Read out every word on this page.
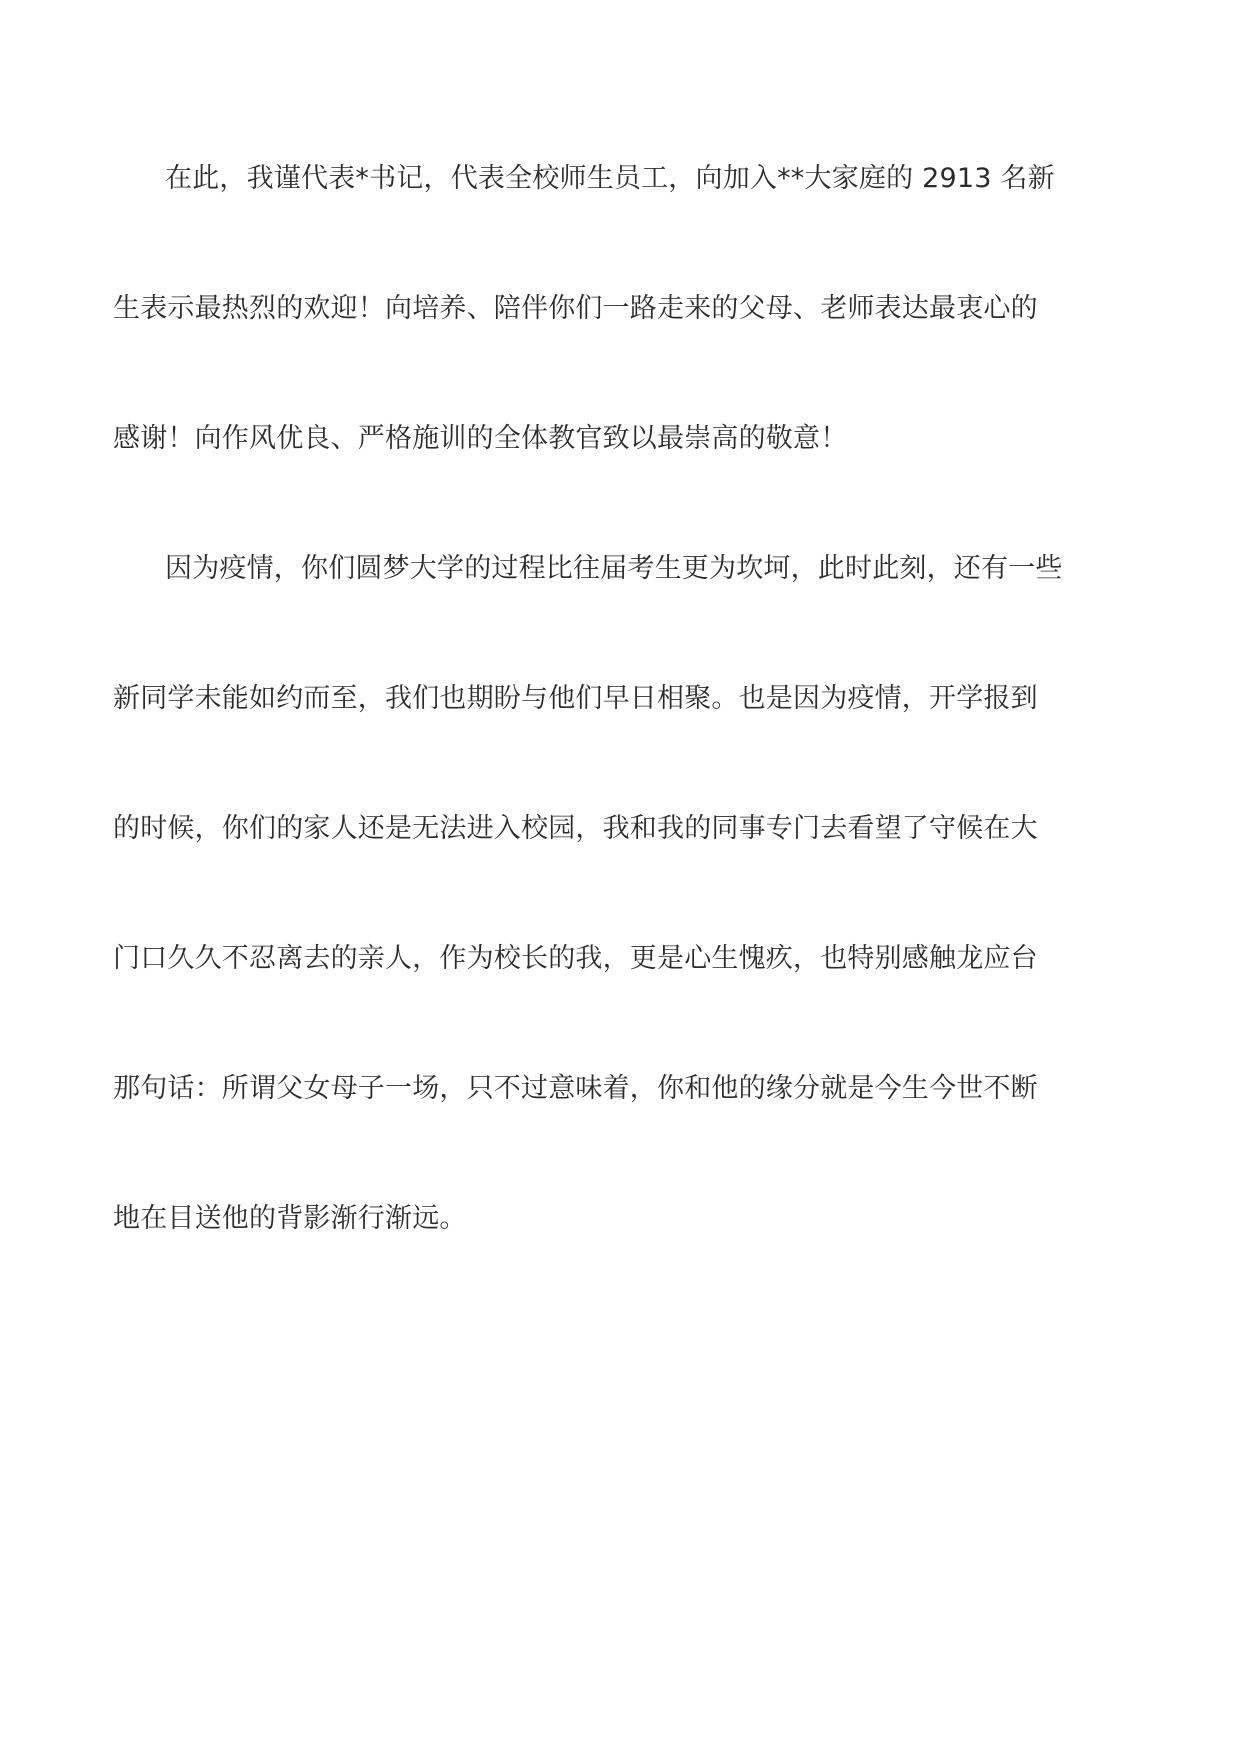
在此，我谨代表*书记，代表全校师生员工，向加入**大家庭的 2913 名新
生表示最热烈的欢迎！向培养、陪伴你们一路走来的父母、老师表达最衷心的
感谢！向作风优良、严格施训的全体教官致以最崇高的敬意！
因为疫情，你们圆梦大学的过程比往届考生更为坎坷，此时此刻，还有一些
新同学未能如约而至，我们也期盼与他们早日相聚。也是因为疫情，开学报到
的时候，你们的家人还是无法进入校园，我和我的同事专门去看望了守候在大
门口久久不忍离去的亲人，作为校长的我，更是心生愧疚，也特别感触龙应台
那句话：所谓父女母子一场，只不过意味着，你和他的缘分就是今生今世不断
地在目送他的背影渐行渐远。
